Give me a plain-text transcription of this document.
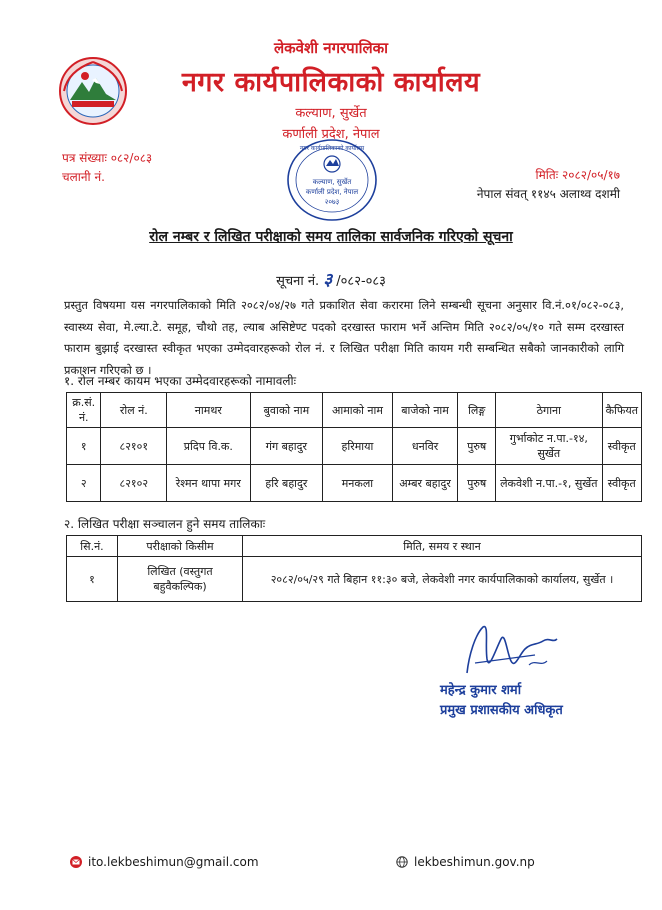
लेकवेशी नगरपालिका
नगर कार्यपालिकाको कार्यालय
कल्याण, सुर्खेत
कर्णाली प्रदेश, नेपाल
पत्र संख्याः ०८२/०८३
चलानी नं.	मितिः २०८२/०५/१७
नेपाल संवत् ११४५ अलाथ्व दशमी
कल्याण, सुर्खेत
कर्णाली प्रदेश, नेपाल
२०७३
नगर कार्यपालिकाको कार्यालय
रोल नम्बर र लिखित परीक्षाको समय तालिका सार्वजनिक गरिएको सूचना
सूचना नं. ३ /०८२-०८३
प्रस्तुत विषयमा यस नगरपालिकाको मिति २०८२/०४/२७ गते प्रकाशित सेवा करारमा लिने सम्बन्धी सूचना अनुसार वि.नं.०१/०८२-०८३, स्वास्थ्य सेवा, मे.ल्या.टे. समूह, चौथो तह, ल्याब असिष्टेण्ट पदको दरखास्त फाराम भर्ने अन्तिम मिति २०८२/०५/१० गते सम्म दरखास्त फाराम बुझाई दरखास्त स्वीकृत भएका उम्मेदवारहरूको रोल नं. र लिखित परीक्षा मिति कायम गरी सम्बन्धित सबैको जानकारीको लागि प्रकाशन गरिएको छ ।
१. रोल नम्बर कायम भएका उम्मेदवारहरूको नामावलीः
क्र.सं. नं.	रोल नं.	नामथर	बुवाको नाम	आमाको नाम	बाजेको नाम	लिङ्ग	ठेगाना	कैफियत
१	८२१०१	प्रदिप वि.क.	गंग बहादुर	हरिमाया	धनविर	पुरुष	गुर्भाकोट न.पा.-१४, सुर्खेत	स्वीकृत
२	८२१०२	रेश्मन थापा मगर	हरि बहादुर	मनकला	अम्बर बहादुर	पुरुष	लेकवेशी न.पा.-१, सुर्खेत	स्वीकृत
२. लिखित परीक्षा सञ्चालन हुने समय तालिकाः
सि.नं.	परीक्षाको किसीम	मिति, समय र स्थान
१	लिखित (वस्तुगत बहुवैकल्पिक)	२०८२/०५/२९ गते बिहान ११:३० बजे, लेकवेशी नगर कार्यपालिकाको कार्यालय, सुर्खेत ।
महेन्द्र कुमार शर्मा
प्रमुख प्रशासकीय अधिकृत
ito.lekbeshimun@gmail.com	lekbeshimun.gov.np
